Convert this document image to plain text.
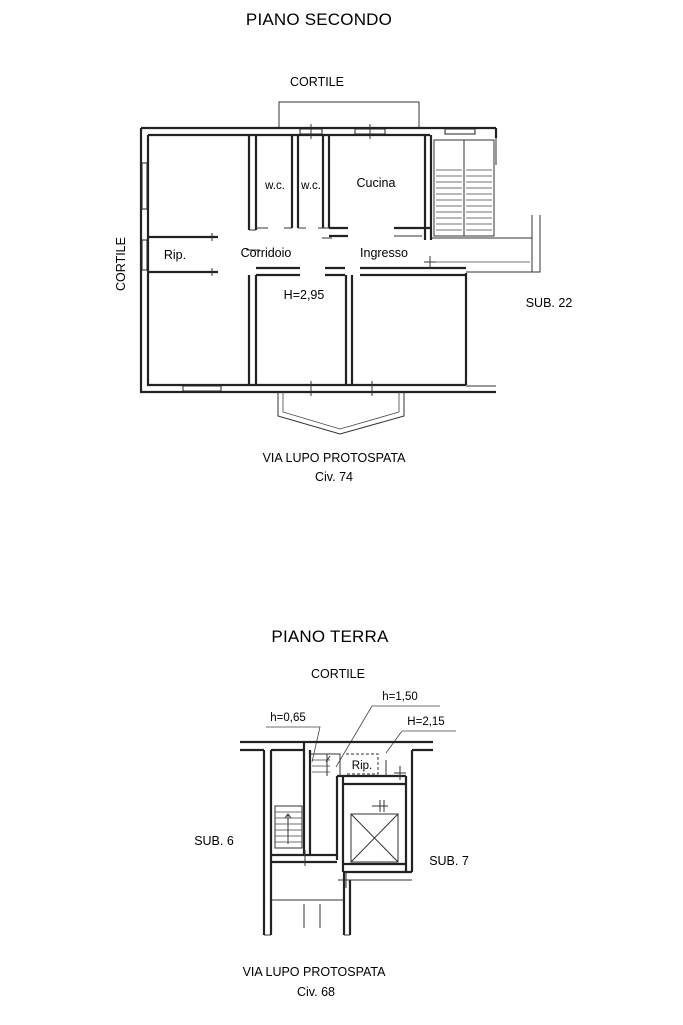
PIANO SECONDO
CORTILE
CORTILE
w.c. w.c.	Cucina
Rip.	Corridoio	Ingresso
H=2,95
SUB. 22
VIA LUPO PROTOSPATA
Civ. 74
PIANO TERRA
CORTILE
h=0,65
h=1,50
H=2,15
Rip.
SUB. 6
SUB. 7
VIA LUPO PROTOSPATA
Civ. 68
